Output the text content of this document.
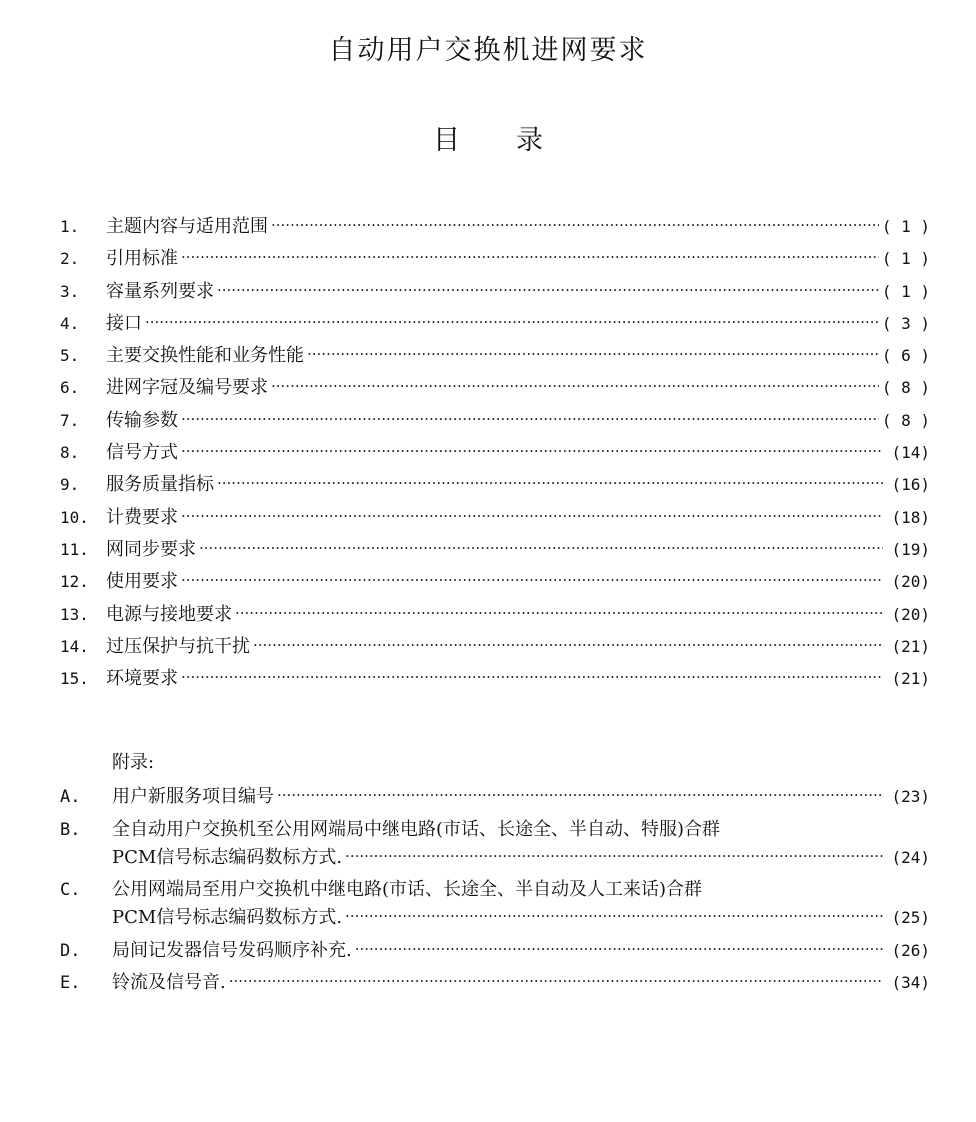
自动用户交换机进网要求
目 录
1.	主题内容与适用范围 ·····	( 1 )
2.	引用标准 ·····	( 1 )
3.	容量系列要求 ·····	( 1 )
4.	接口 ·····	( 3 )
5.	主要交换性能和业务性能 ·····	( 6 )
6.	进网字冠及编号要求 ·····	( 8 )
7.	传输参数 ·····	( 8 )
8.	信号方式 ·····	(14)
9.	服务质量指标 ·····	(16)
10. 计费要求 ·····	(18)
11. 网同步要求 ·····	(19)
12. 使用要求 ·····	(20)
13. 电源与接地要求 ·····	(20)
14. 过压保护与抗干扰 ·····	(21)
15. 环境要求 ·····	(21)

附录:

A.	用户新服务项目编号 ·····	(23)
B.	全自动用户交换机至公用网端局中继电路(市话、长途全、半自动、特服)合群
PCM信号标志编码数标方式. ·····	(24)
C.	公用网端局至用户交换机中继电路(市话、长途全、半自动及人工来话)合群
PCM信号标志编码数标方式. ·····	(25)
D.	局间记发器信号发码顺序补充. ·····	(26)
E.	铃流及信号音. ·····	(34)
